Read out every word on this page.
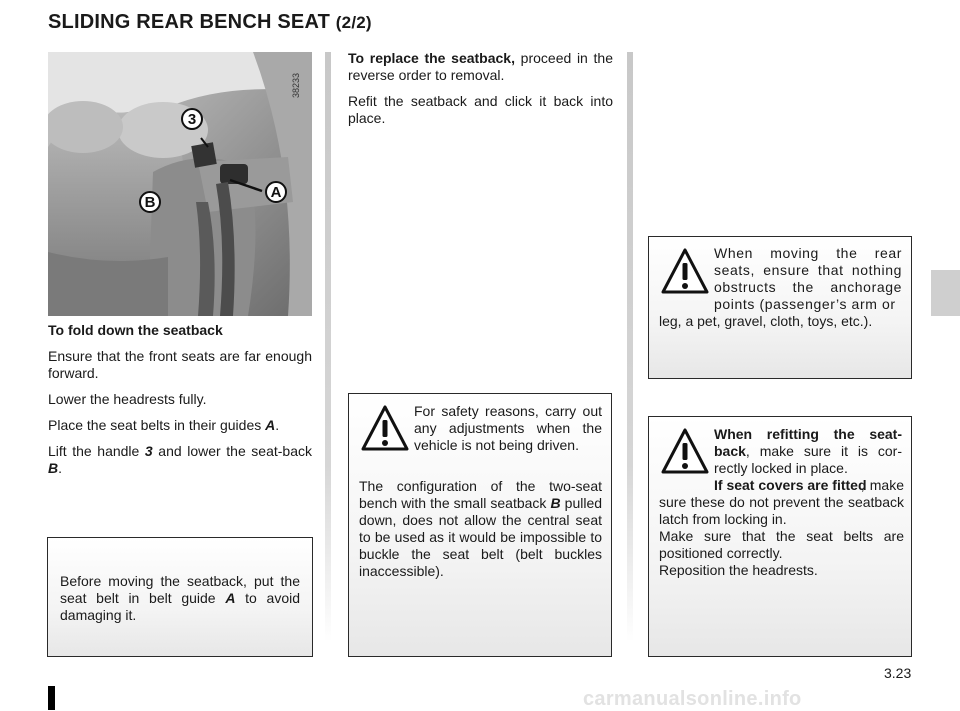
SLIDING REAR BENCH SEAT (2/2)
3
A
B
38233

To fold down the seatback

Ensure that the front seats are far enough forward.

Lower the headrests fully.

Place the seat belts in their guides A.

Lift the handle 3 and lower the seat-back B.

To replace the seatback, proceed in the reverse order to removal.

Refit the seatback and click it back into place.

Before moving the seatback, put the seat belt in belt guide A to avoid damaging it.
For safety reasons, carry out any adjustments when the vehicle is not being driven.
The configuration of the two-seat bench with the small seatback B pulled down, does not allow the central seat to be used as it would be impossible to buckle the seat belt (belt buckles inaccessible).
When moving the rear seats, ensure that nothing obstructs the anchorage points (passenger’s arm or
leg, a pet, gravel, cloth, toys, etc.).
When refitting the seat-back, make sure it is cor-rectly locked in place.
If seat covers are fitted
, make sure these do not prevent the seatback latch from locking in.
Make sure that the seat belts are positioned correctly.
Reposition the headrests.
3.23
carmanualsonline.info
